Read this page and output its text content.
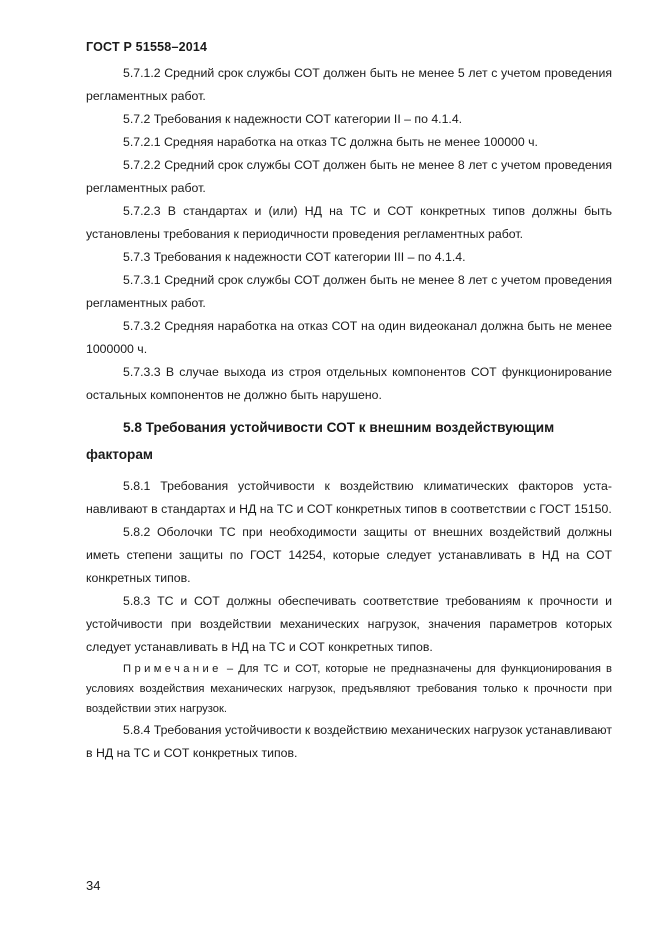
ГОСТ Р 51558–2014

5.7.1.2 Средний срок службы СОТ должен быть не менее 5 лет с учетом проведения регламентных работ.

5.7.2 Требования к надежности СОТ категории II – по 4.1.4.

5.7.2.1 Средняя наработка на отказ ТС должна быть не менее 100000 ч.

5.7.2.2 Средний срок службы СОТ должен быть не менее 8 лет с учетом проведения регламентных работ.

5.7.2.3 В стандартах и (или) НД на ТС и СОТ конкретных типов должны быть установлены требования к периодичности проведения регламентных работ.

5.7.3 Требования к надежности СОТ категории III – по 4.1.4.

5.7.3.1 Средний срок службы СОТ должен быть не менее 8 лет с учетом проведения регламентных работ.

5.7.3.2 Средняя наработка на отказ СОТ на один видеоканал должна быть не менее 1000000 ч.

5.7.3.3 В случае выхода из строя отдельных компонентов СОТ функционирование остальных компонентов не должно быть нарушено.

5.8 Требования устойчивости СОТ к внешним воздействующим факторам

5.8.1 Требования устойчивости к воздействию климатических факторов устанавливают в стандартах и НД на ТС и СОТ конкретных типов в соответствии с ГОСТ 15150.

5.8.2 Оболочки ТС при необходимости защиты от внешних воздействий должны иметь степени защиты по ГОСТ 14254, которые следует устанавливать в НД на СОТ конкретных типов.

5.8.3 ТС и СОТ должны обеспечивать соответствие требованиям к прочности и устойчивости при воздействии механических нагрузок, значения параметров которых следует устанавливать в НД на ТС и СОТ конкретных типов.

Примечание – Для ТС и СОТ, которые не предназначены для функционирования в условиях воздействия механических нагрузок, предъявляют требования только к прочности при воздействии этих нагрузок.

5.8.4 Требования устойчивости к воздействию механических нагрузок устанавливают в НД на ТС и СОТ конкретных типов.

34
